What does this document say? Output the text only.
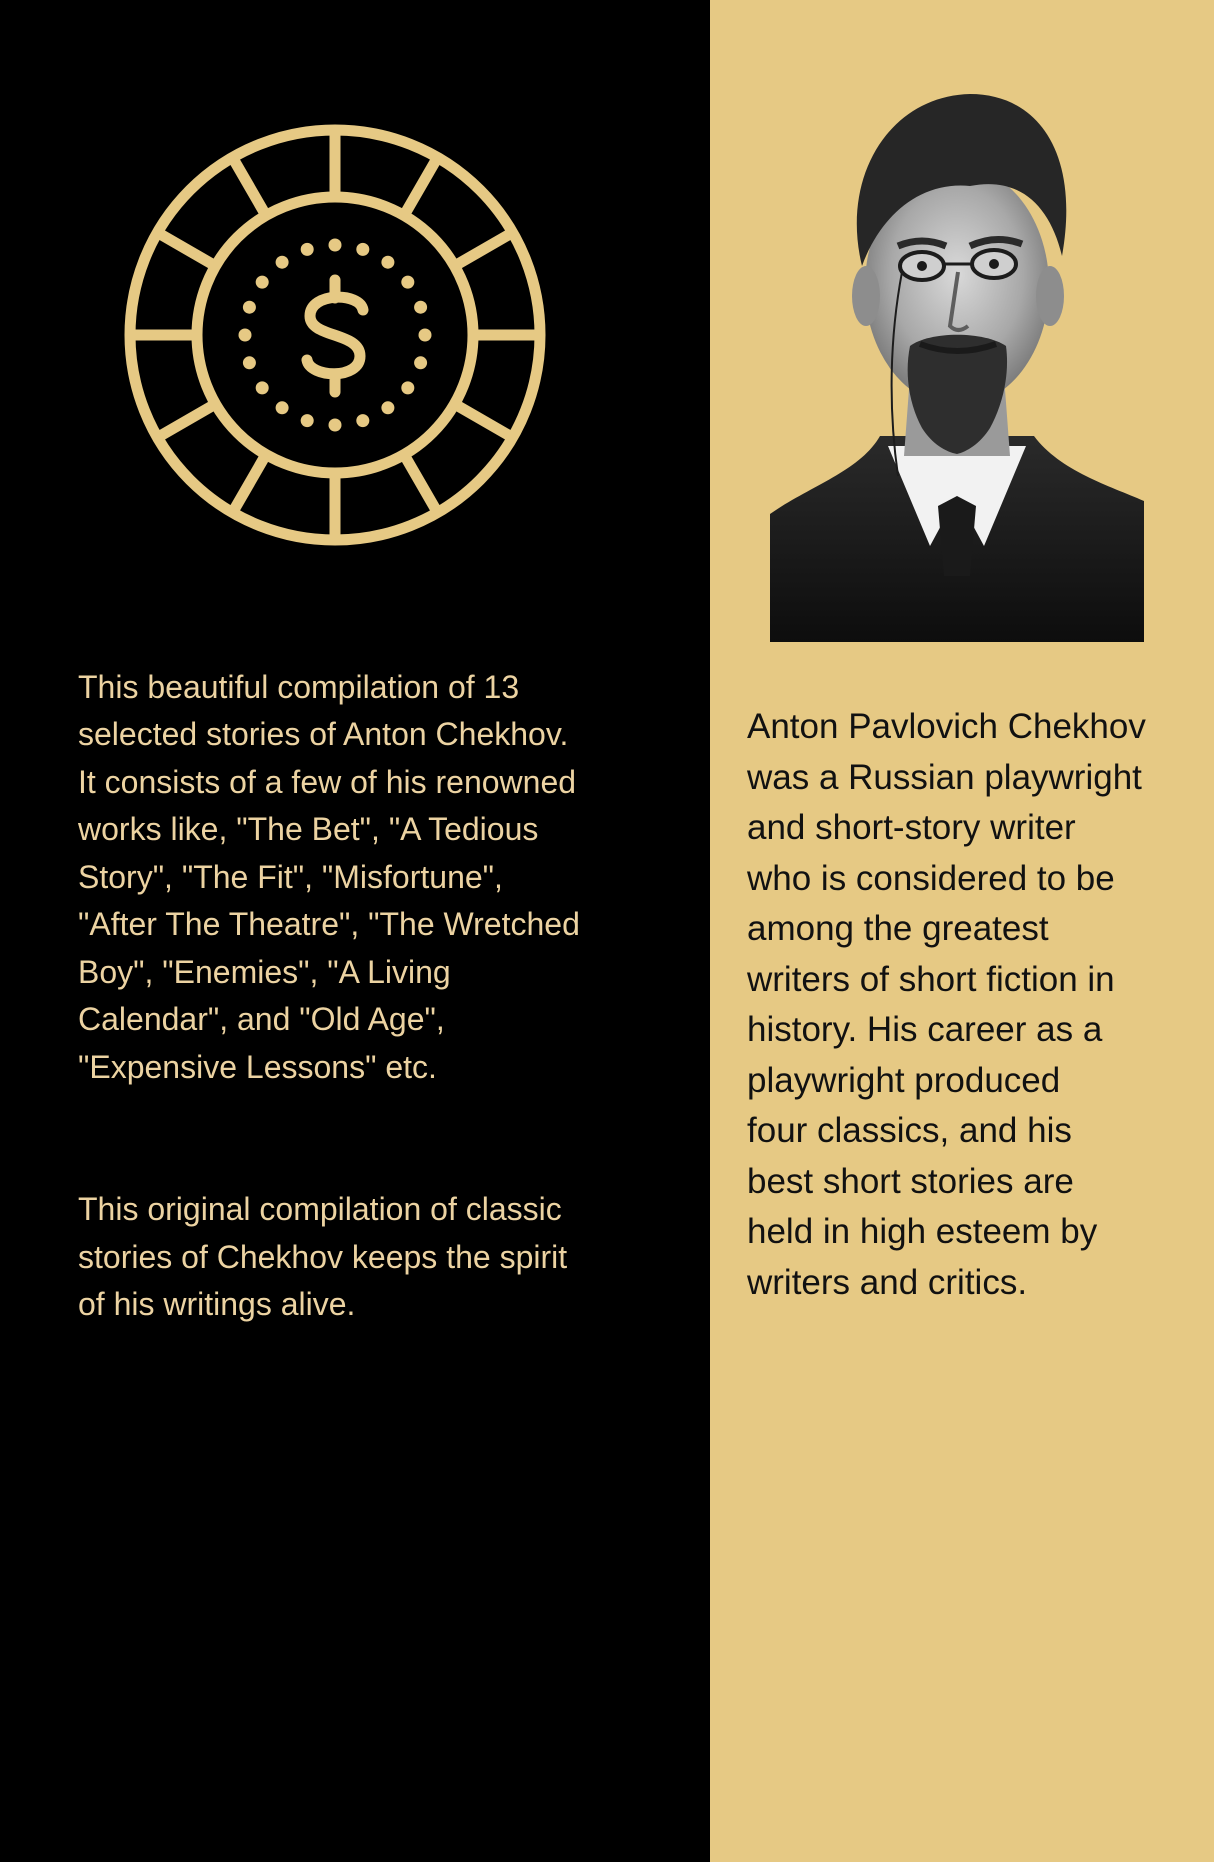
This beautiful compilation of 13
selected stories of Anton Chekhov.
It consists of a few of his renowned
works like, "The Bet", "A Tedious
Story", "The Fit", "Misfortune",
"After The Theatre", "The Wretched
Boy", "Enemies", "A Living
Calendar", and "Old Age",
"Expensive Lessons" etc.

This original compilation of classic
stories of Chekhov keeps the spirit
of his writings alive.

Anton Pavlovich Chekhov
was a Russian playwright
and short-story writer
who is considered to be
among the greatest
writers of short fiction in
history. His career as a
playwright produced
four classics, and his
best short stories are
held in high esteem by
writers and critics.
